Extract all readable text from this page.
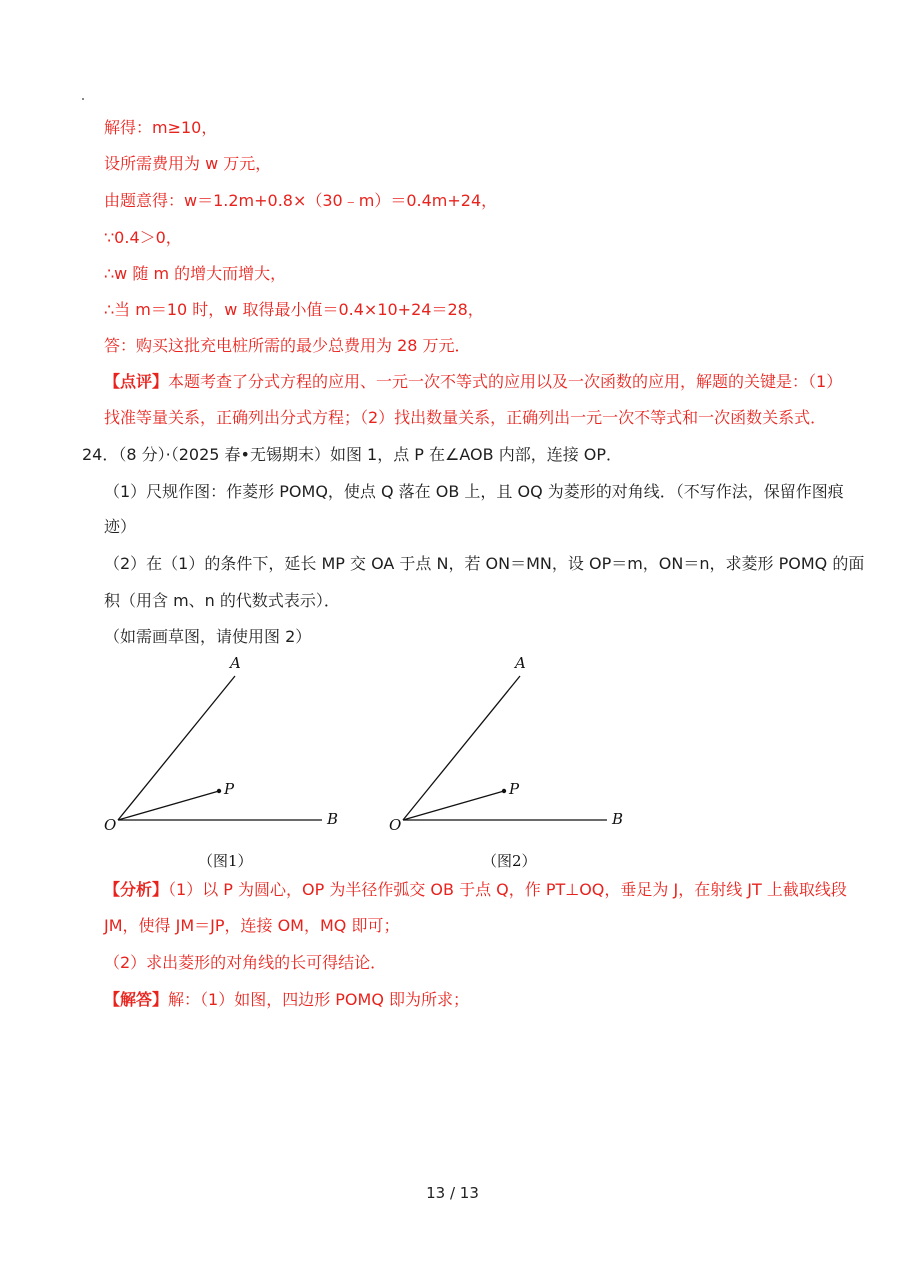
解得：m≥10，
设所需费用为 w 万元，
由题意得：w＝1.2m+0.8×（30﹣m）＝0.4m+24，
∵0.4＞0，
∴w 随 m 的增大而增大，
∴当 m＝10 时，w 取得最小值＝0.4×10+24＝28，
答：购买这批充电桩所需的最少总费用为 28 万元．
【点评】本题考查了分式方程的应用、一元一次不等式的应用以及一次函数的应用，解题的关键是：（1）
找准等量关系，正确列出分式方程；（2）找出数量关系，正确列出一元一次不等式和一次函数关系式．
24．（8 分）·（2025 春•无锡期末）如图 1，点 P 在∠AOB 内部，连接 OP．
（1）尺规作图：作菱形 POMQ，使点 Q 落在 OB 上，且 OQ 为菱形的对角线．（不写作法，保留作图痕
迹）
（2）在（1）的条件下，延长 MP 交 OA 于点 N，若 ON＝MN，设 OP＝m，ON＝n，求菱形 POMQ 的面
积（用含 m、n 的代数式表示）．
（如需画草图，请使用图 2）
A
O	B
P
（图1）
A
O	B
P
（图2）
【分析】（1）以 P 为圆心，OP 为半径作弧交 OB 于点 Q，作 PT⊥OQ，垂足为 J，在射线 JT 上截取线段
JM，使得 JM＝JP，连接 OM，MQ 即可；
（2）求出菱形的对角线的长可得结论．
【解答】解：（1）如图，四边形 POMQ 即为所求；
13 / 13
